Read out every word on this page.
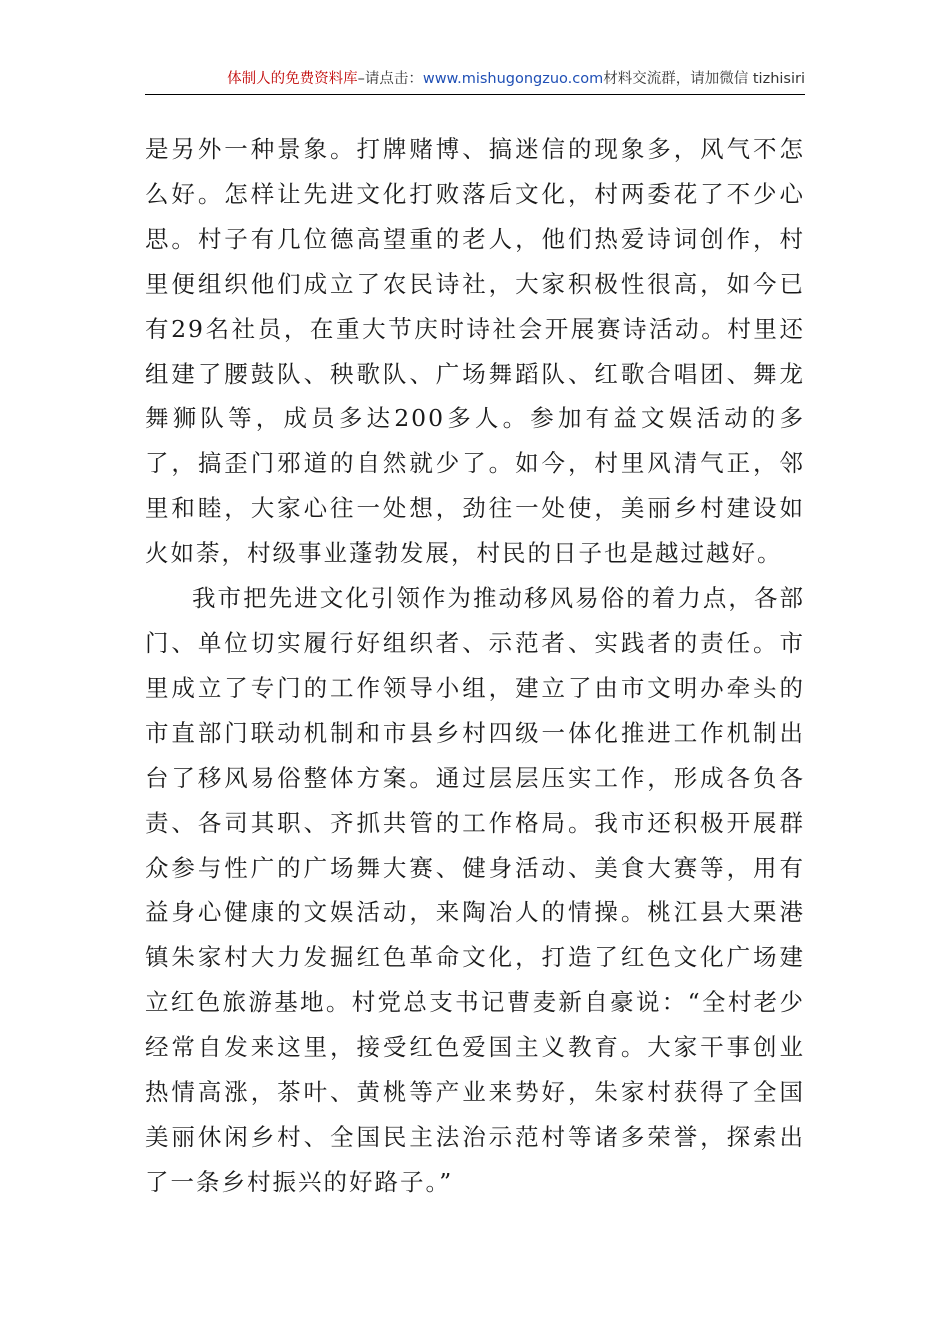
体制人的免费资料库–请点击：www.mishugongzuo.com材料交流群，请加微信 tizhisiri

是另外一种景象。打牌赌博、搞迷信的现象多，风气不怎么好。怎样让先进文化打败落后文化，村两委花了不少心思。村子有几位德高望重的老人，他们热爱诗词创作，村里便组织他们成立了农民诗社，大家积极性很高，如今已有29名社员，在重大节庆时诗社会开展赛诗活动。村里还组建了腰鼓队、秧歌队、广场舞蹈队、红歌合唱团、舞龙舞狮队等，成员多达200多人。参加有益文娱活动的多了，搞歪门邪道的自然就少了。如今，村里风清气正，邻里和睦，大家心往一处想，劲往一处使，美丽乡村建设如火如荼，村级事业蓬勃发展，村民的日子也是越过越好。

我市把先进文化引领作为推动移风易俗的着力点，各部门、单位切实履行好组织者、示范者、实践者的责任。市里成立了专门的工作领导小组，建立了由市文明办牵头的市直部门联动机制和市县乡村四级一体化推进工作机制出台了移风易俗整体方案。通过层层压实工作，形成各负各责、各司其职、齐抓共管的工作格局。我市还积极开展群众参与性广的广场舞大赛、健身活动、美食大赛等，用有益身心健康的文娱活动，来陶冶人的情操。桃江县大栗港镇朱家村大力发掘红色革命文化，打造了红色文化广场建立红色旅游基地。村党总支书记曹麦新自豪说：“全村老少经常自发来这里，接受红色爱国主义教育。大家干事创业热情高涨，茶叶、黄桃等产业来势好，朱家村获得了全国美丽休闲乡村、全国民主法治示范村等诸多荣誉，探索出了一条乡村振兴的好路子。”
